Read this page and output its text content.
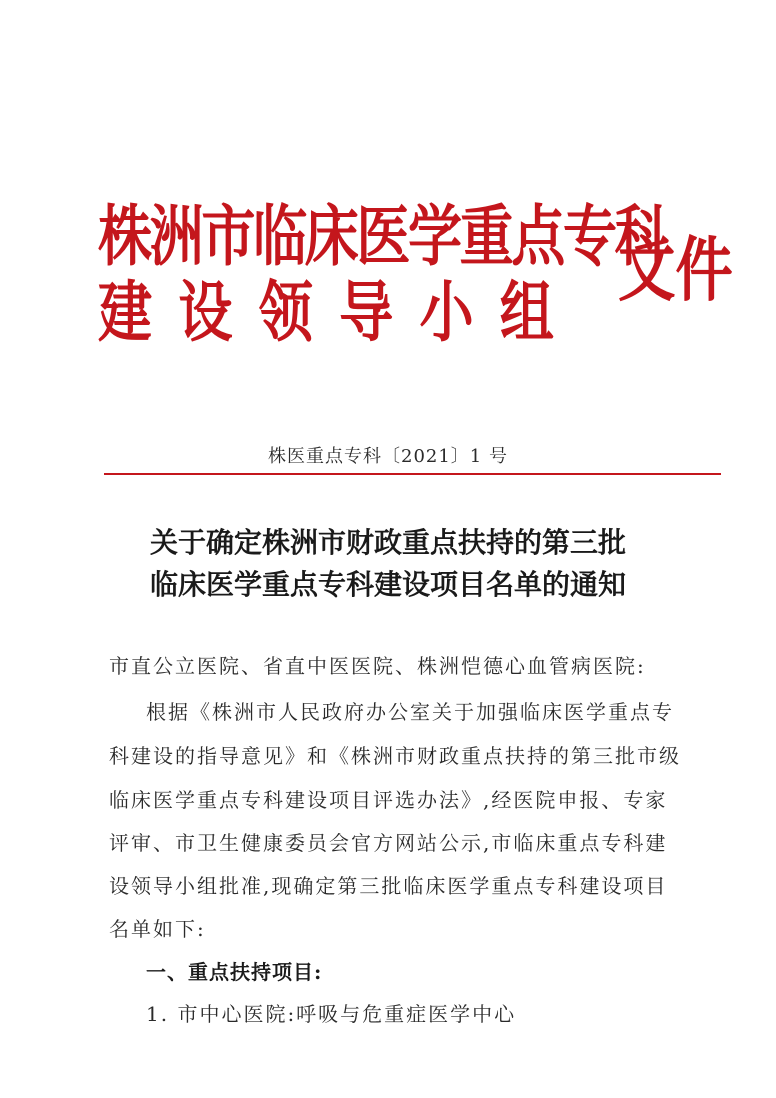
株洲市临床医学重点专科
建设领导小组
文件
株医重点专科〔2021〕1 号
关于确定株洲市财政重点扶持的第三批
临床医学重点专科建设项目名单的通知
市直公立医院、省直中医医院、株洲恺德心血管病医院:
根据《株洲市人民政府办公室关于加强临床医学重点专
科建设的指导意见》和《株洲市财政重点扶持的第三批市级
临床医学重点专科建设项目评选办法》,经医院申报、专家
评审、市卫生健康委员会官方网站公示,市临床重点专科建
设领导小组批准,现确定第三批临床医学重点专科建设项目
名单如下:
一、重点扶持项目:
1. 市中心医院:呼吸与危重症医学中心
